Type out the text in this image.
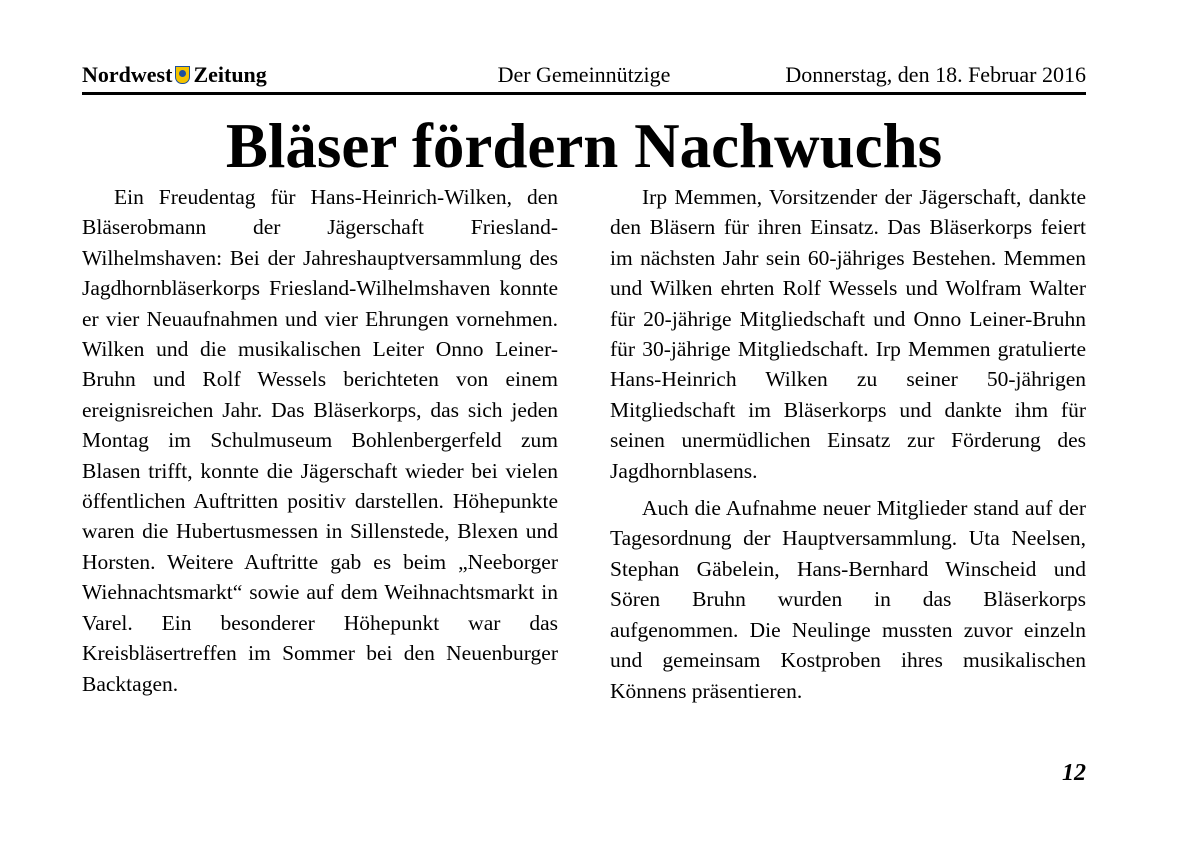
Nordwest Zeitung	Der Gemeinnützige	Donnerstag, den 18. Februar 2016
Bläser fördern Nachwuchs

Ein Freudentag für Hans-Heinrich-Wilken, den Bläserobmann der Jägerschaft Friesland-Wilhelmshaven: Bei der Jahreshauptversammlung des Jagdhornbläserkorps Friesland-Wilhelmshaven konnte er vier Neuaufnahmen und vier Ehrungen vornehmen. Wilken und die musikalischen Leiter Onno Leiner-Bruhn und Rolf Wessels berichteten von einem ereignisreichen Jahr. Das Bläserkorps, das sich jeden Montag im Schulmuseum Bohlenbergerfeld zum Blasen trifft, konnte die Jägerschaft wieder bei vielen öffentlichen Auftritten positiv darstellen. Höhepunkte waren die Hubertusmessen in Sillenstede, Blexen und Horsten. Weitere Auftritte gab es beim „Neeborger Wiehnachtsmarkt“ sowie auf dem Weihnachtsmarkt in Varel. Ein besonderer Höhepunkt war das Kreisbläsertreffen im Sommer bei den Neuenburger Backtagen.

Irp Memmen, Vorsitzender der Jägerschaft, dankte den Bläsern für ihren Einsatz. Das Bläserkorps feiert im nächsten Jahr sein 60-jähriges Bestehen. Memmen und Wilken ehrten Rolf Wessels und Wolfram Walter für 20-jährige Mitgliedschaft und Onno Leiner-Bruhn für 30-jährige Mitgliedschaft. Irp Memmen gratulierte Hans-Heinrich Wilken zu seiner 50-jährigen Mitgliedschaft im Bläserkorps und dankte ihm für seinen unermüdlichen Einsatz zur Förderung des Jagdhornblasens.

Auch die Aufnahme neuer Mitglieder stand auf der Tagesordnung der Hauptversammlung. Uta Neelsen, Stephan Gäbelein, Hans-Bernhard Winscheid und Sören Bruhn wurden in das Bläserkorps aufgenommen. Die Neulinge mussten zuvor einzeln und gemeinsam Kostproben ihres musikalischen Könnens präsentieren.

12
